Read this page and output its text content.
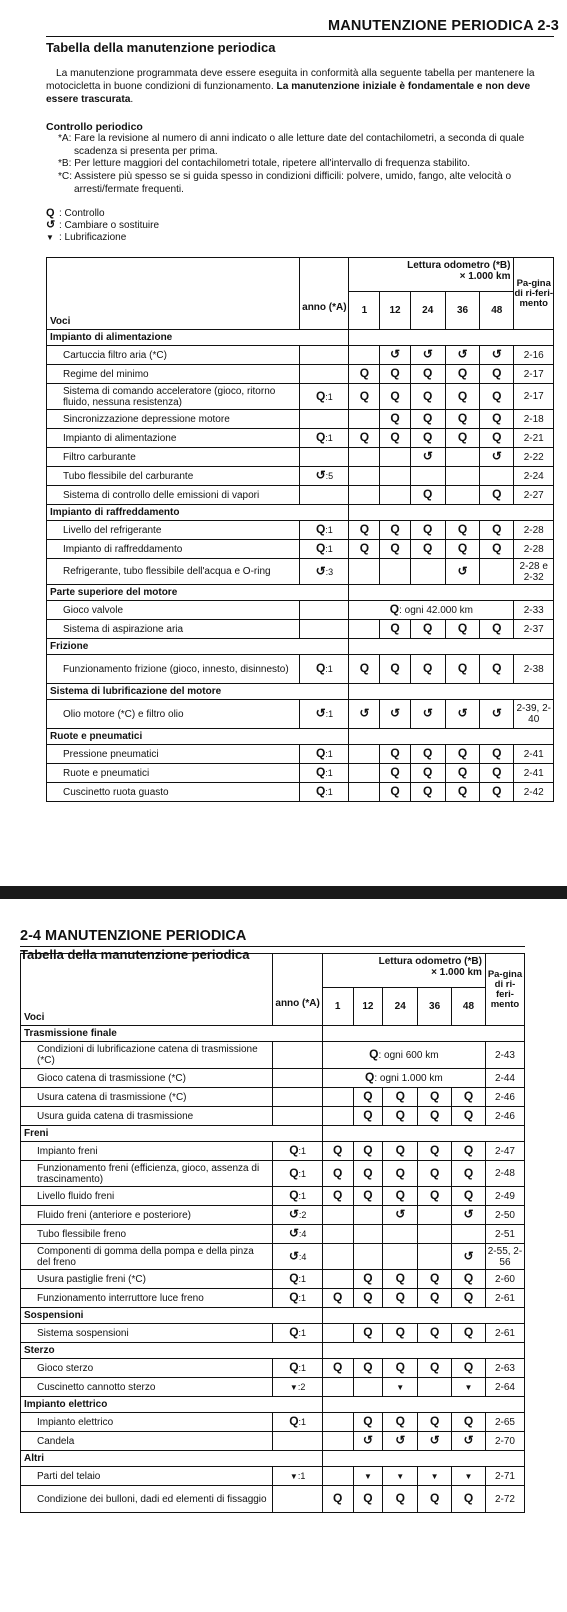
MANUTENZIONE PERIODICA 2-3
Tabella della manutenzione periodica
La manutenzione programmata deve essere eseguita in conformità alla seguente tabella per mantenere la motocicletta in buone condizioni di funzionamento. La manutenzione iniziale è fondamentale e non deve essere trascurata.
Controllo periodico
*A: Fare la revisione al numero di anni indicato o alle letture date del contachilometri, a seconda di quale scadenza si presenta per prima.
*B: Per letture maggiori del contachilometri totale, ripetere all'intervallo di frequenza stabilito.
*C: Assistere più spesso se si guida spesso in condizioni difficili: polvere, umido, fango, alte velocità o arresti/fermate frequenti.
Q : Controllo
↺ : Cambiare o sostituire
▼ : Lubrificazione
Voci	anno (*A)	Lettura odometro (*B)
× 1.000 km					Pa-gina di ri-feri-mento
		1	12	24	36	48	
Impianto di alimentazione							
Cartuccia filtro aria (*C)			↺	↺	↺	↺	2-16
Regime del minimo		Q	Q	Q	Q	Q	2-17
Sistema di comando acceleratore (gioco, ritorno fluido, nessuna resistenza)	Q:1	Q	Q	Q	Q	Q	2-17
Sincronizzazione depressione motore			Q	Q	Q	Q	2-18
Impianto di alimentazione	Q:1	Q	Q	Q	Q	Q	2-21
Filtro carburante				↺		↺	2-22
Tubo flessibile del carburante	↺:5						2-24
Sistema di controllo delle emissioni di vapori				Q		Q	2-27
Impianto di raffreddamento							
Livello del refrigerante	Q:1	Q	Q	Q	Q	Q	2-28
Impianto di raffreddamento	Q:1	Q	Q	Q	Q	Q	2-28
Refrigerante, tubo flessibile dell'acqua e O-ring	↺:3				↺		2-28 e 2-32
Parte superiore del motore							
Gioco valvole		Q: ogni 42.000 km					2-33
Sistema di aspirazione aria			Q	Q	Q	Q	2-37
Frizione							
Funzionamento frizione (gioco, innesto, disinnesto)	Q:1	Q	Q	Q	Q	Q	2-38
Sistema di lubrificazione del motore							
Olio motore (*C) e filtro olio	↺:1	↺	↺	↺	↺	↺	2-39, 2-40
Ruote e pneumatici							
Pressione pneumatici	Q:1		Q	Q	Q	Q	2-41
Ruote e pneumatici	Q:1		Q	Q	Q	Q	2-41
Cuscinetto ruota guasto	Q:1		Q	Q	Q	Q	2-42
2-4 MANUTENZIONE PERIODICA
Tabella della manutenzione periodica
Voci	anno (*A)	Lettura odometro (*B)
× 1.000 km					Pa-gina di ri-feri-mento
		1	12	24	36	48	
Trasmissione finale							
Condizioni di lubrificazione catena di trasmissione (*C)		Q: ogni 600 km					2-43
Gioco catena di trasmissione (*C)		Q: ogni 1.000 km					2-44
Usura catena di trasmissione (*C)			Q	Q	Q	Q	2-46
Usura guida catena di trasmissione			Q	Q	Q	Q	2-46
Freni							
Impianto freni	Q:1	Q	Q	Q	Q	Q	2-47
Funzionamento freni (efficienza, gioco, assenza di trascinamento)	Q:1	Q	Q	Q	Q	Q	2-48
Livello fluido freni	Q:1	Q	Q	Q	Q	Q	2-49
Fluido freni (anteriore e posteriore)	↺:2			↺		↺	2-50
Tubo flessibile freno	↺:4						2-51
Componenti di gomma della pompa e della pinza del freno	↺:4					↺	2-55, 2-56
Usura pastiglie freni (*C)	Q:1		Q	Q	Q	Q	2-60
Funzionamento interruttore luce freno	Q:1	Q	Q	Q	Q	Q	2-61
Sospensioni							
Sistema sospensioni	Q:1		Q	Q	Q	Q	2-61
Sterzo							
Gioco sterzo	Q:1	Q	Q	Q	Q	Q	2-63
Cuscinetto cannotto sterzo	▼:2			▼		▼	2-64
Impianto elettrico							
Impianto elettrico	Q:1		Q	Q	Q	Q	2-65
Candela			↺	↺	↺	↺	2-70
Altri							
Parti del telaio	▼:1		▼	▼	▼	▼	2-71
Condizione dei bulloni, dadi ed elementi di fissaggio		Q	Q	Q	Q	Q	2-72
